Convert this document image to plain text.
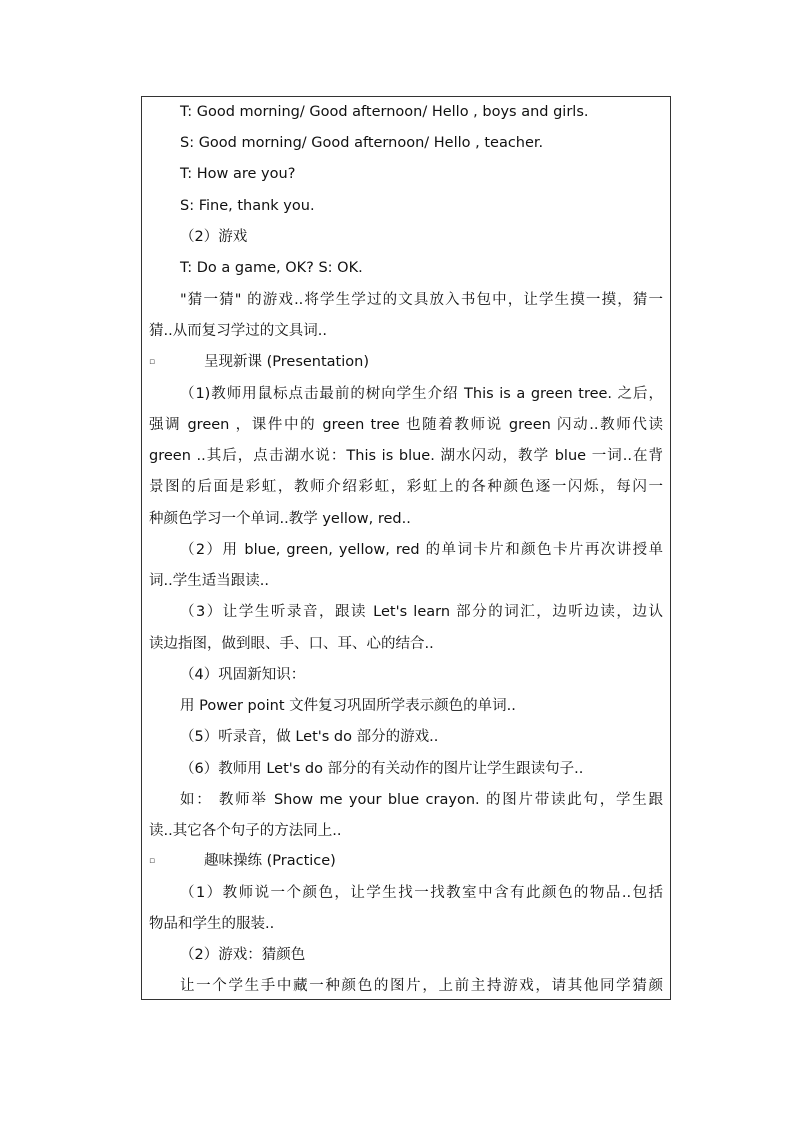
T: Good morning/ Good afternoon/ Hello , boys and girls.
S: Good morning/ Good afternoon/ Hello , teacher.
T: How are you?
S: Fine, thank you.
（2）游戏
T: Do a game, OK? S: OK.
"猜一猜" 的游戏..将学生学过的文具放入书包中，让学生摸一摸，猜一
猜..从而复习学过的文具词..
▫	呈现新课 (Presentation)
（1)教师用鼠标点击最前的树向学生介绍 This is a green tree. 之后，
强调 green ，课件中的 green tree 也随着教师说 green 闪动..教师代读
green ..其后，点击湖水说：This is blue. 湖水闪动，教学 blue 一词..在背
景图的后面是彩虹，教师介绍彩虹，彩虹上的各种颜色逐一闪烁，每闪一
种颜色学习一个单词..教学 yellow, red..
（2）用 blue, green, yellow, red 的单词卡片和颜色卡片再次讲授单
词..学生适当跟读..
（3）让学生听录音，跟读 Let's learn 部分的词汇，边听边读，边认
读边指图，做到眼、手、口、耳、心的结合..
（4）巩固新知识：
用 Power point 文件复习巩固所学表示颜色的单词..
（5）听录音，做 Let's do 部分的游戏..
（6）教师用 Let's do 部分的有关动作的图片让学生跟读句子..
如： 教师举 Show me your blue crayon. 的图片带读此句，学生跟
读..其它各个句子的方法同上..
▫	趣味操练 (Practice)
（1）教师说一个颜色，让学生找一找教室中含有此颜色的物品..包括
物品和学生的服装..
（2）游戏：猜颜色
让一个学生手中藏一种颜色的图片，上前主持游戏，请其他同学猜颜
